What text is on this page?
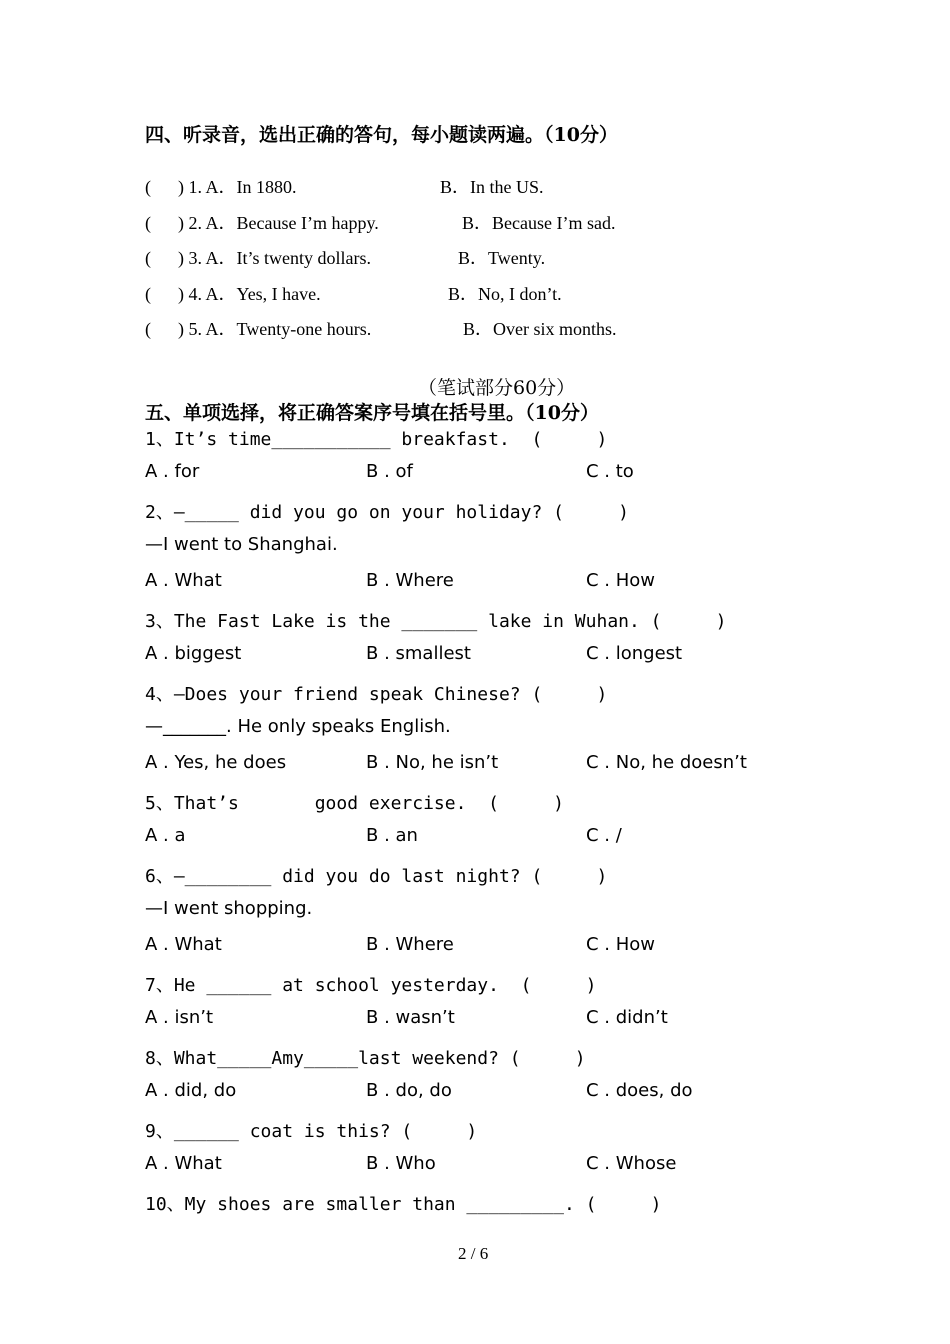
四、听录音，选出正确的答句，每小题读两遍。（10分）
(      ) 1. A．In 1880.	B．In the US.
(      ) 2. A．Because I’m happy.	B．Because I’m sad.
(      ) 3. A．It’s twenty dollars.	B．Twenty.
(      ) 4. A．Yes, I have.	B．No, I don’t.
(      ) 5. A．Twenty-one hours.	B．Over six months.
（笔试部分60分）
五、单项选择，将正确答案序号填在括号里。（10分）
1、It’s time___________ breakfast.  (     )
A . for	B . of	C . to
2、—_____ did you go on your holiday? (     )
—I went to Shanghai.
A . What	B . Where	C . How
3、The Fast Lake is the _______ lake in Wuhan. (     )
A . biggest	B . smallest	C . longest
4、—Does your friend speak Chinese? (     )
—_______. He only speaks English.
A . Yes, he does	B . No, he isn’t	C . No, he doesn’t
5、That’s       good exercise.  (     )
A . a	B . an	C . /
6、—________ did you do last night? (     )
—I went shopping.
A . What	B . Where	C . How
7、He ______ at school yesterday.  (     )
A . isn’t	B . wasn’t	C . didn’t
8、What_____Amy_____last weekend? (     )
A . did, do	B . do, do	C . does, do
9、______ coat is this? (     )
A . What	B . Who	C . Whose
10、My shoes are smaller than _________. (     )
2 / 6
